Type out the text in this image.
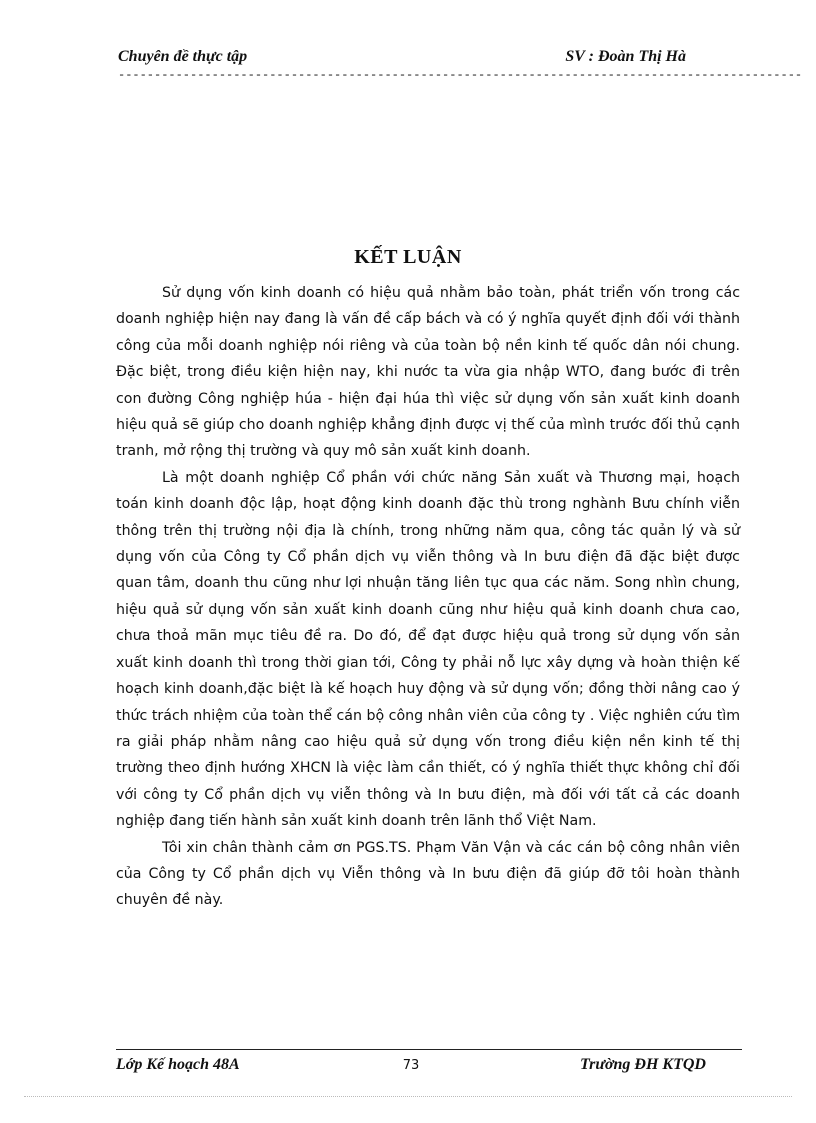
Chuyên đề thực tập	SV : Đoàn Thị Hà
-----------------------------------------------------------------------------------------------
KẾT LUẬN

Sử dụng vốn kinh doanh có hiệu quả nhằm bảo toàn, phát triển vốn trong các doanh nghiệp hiện nay đang là vấn đề cấp bách và có ý nghĩa quyết định đối với thành công của mỗi doanh nghiệp nói riêng và của toàn bộ nền kinh tế quốc dân nói chung. Đặc biệt, trong điều kiện hiện nay, khi nước ta vừa gia nhập WTO, đang bước đi trên con đường Công nghiệp húa - hiện đại húa thì việc sử dụng vốn sản xuất kinh doanh hiệu quả sẽ giúp cho doanh nghiệp khẳng định được vị thế của mình trước đối thủ cạnh tranh, mở rộng thị trường và quy mô sản xuất kinh doanh.

Là một doanh nghiệp Cổ phần với chức năng Sản xuất và Thương mại, hoạch toán kinh doanh độc lập, hoạt động kinh doanh đặc thù trong nghành Bưu chính viễn thông trên thị trường nội địa là chính, trong những năm qua, công tác quản lý và sử dụng vốn của Công ty Cổ phần dịch vụ viễn thông và In bưu điện đã đặc biệt được quan tâm, doanh thu cũng như lợi nhuận tăng liên tục qua các năm. Song nhìn chung, hiệu quả sử dụng vốn sản xuất kinh doanh cũng như hiệu quả kinh doanh chưa cao, chưa thoả mãn mục tiêu đề ra. Do đó, để đạt được hiệu quả trong sử dụng vốn sản xuất kinh doanh thì trong thời gian tới, Công ty phải nỗ lực xây dựng và hoàn thiện kế hoạch kinh doanh,đặc biệt là kế hoạch huy động và sử dụng vốn; đồng thời nâng cao ý thức trách nhiệm của toàn thể cán bộ công nhân viên của công ty . Việc nghiên cứu tìm ra giải pháp nhằm nâng cao hiệu quả sử dụng vốn trong điều kiện nền kinh tế thị trường theo định hướng XHCN là việc làm cần thiết, có ý nghĩa thiết thực không chỉ đối với công ty Cổ phần dịch vụ viễn thông và In bưu điện, mà đối với tất cả các doanh nghiệp đang tiến hành sản xuất kinh doanh trên lãnh thổ Việt Nam.

Tôi xin chân thành cảm ơn PGS.TS. Phạm Văn Vận và các cán bộ công nhân viên của Công ty Cổ phần dịch vụ Viễn thông và In bưu điện đã giúp đỡ tôi hoàn thành chuyên đề này.

Lớp Kế hoạch 48A	73	Trường ĐH KTQD
